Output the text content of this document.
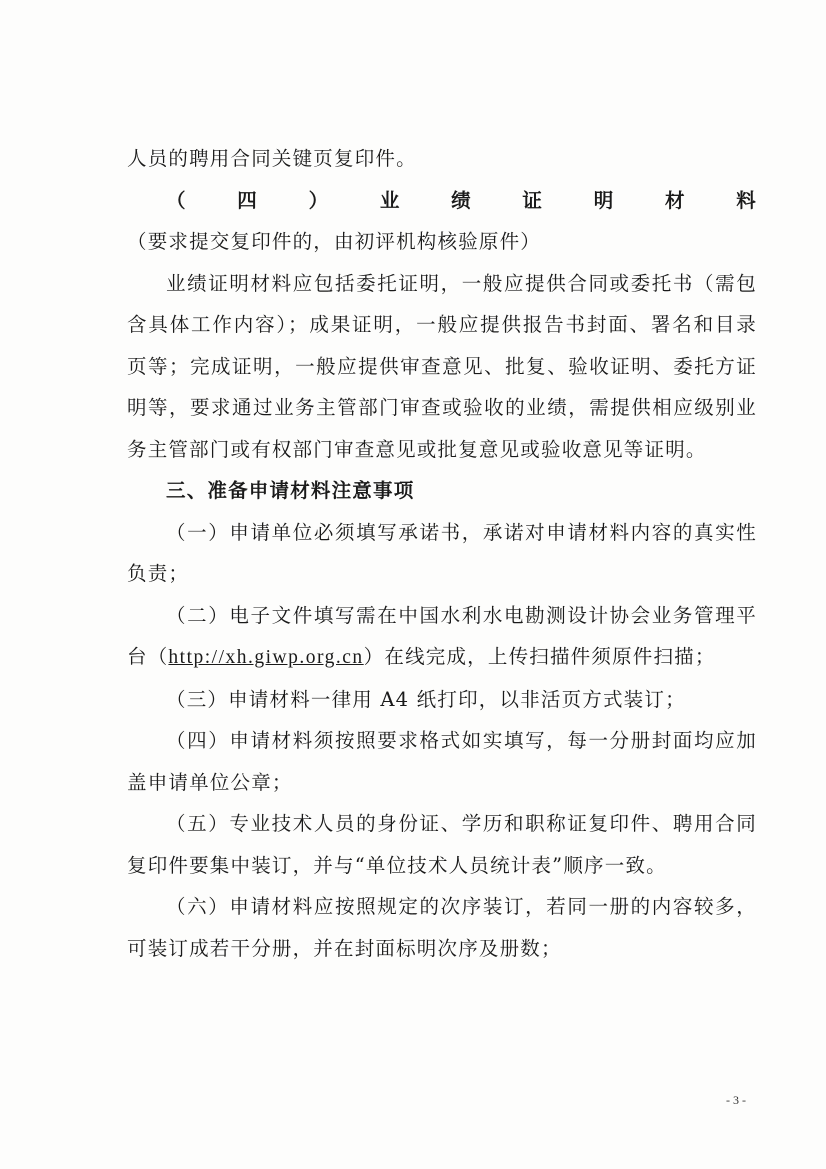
人员的聘用合同关键页复印件。

（四）业绩证明材料（要求提交复印件的，由初评机构核验原件）

业绩证明材料应包括委托证明，一般应提供合同或委托书（需包含具体工作内容）；成果证明，一般应提供报告书封面、署名和目录页等；完成证明，一般应提供审查意见、批复、验收证明、委托方证明等，要求通过业务主管部门审查或验收的业绩，需提供相应级别业务主管部门或有权部门审查意见或批复意见或验收意见等证明。

三、准备申请材料注意事项

（一）申请单位必须填写承诺书，承诺对申请材料内容的真实性负责；

（二）电子文件填写需在中国水利水电勘测设计协会业务管理平台（http://xh.giwp.org.cn）在线完成，上传扫描件须原件扫描；

（三）申请材料一律用 A4 纸打印，以非活页方式装订；

（四）申请材料须按照要求格式如实填写，每一分册封面均应加盖申请单位公章；

（五）专业技术人员的身份证、学历和职称证复印件、聘用合同复印件要集中装订，并与“单位技术人员统计表”顺序一致。

（六）申请材料应按照规定的次序装订，若同一册的内容较多，可装订成若干分册，并在封面标明次序及册数；

- 3 -
